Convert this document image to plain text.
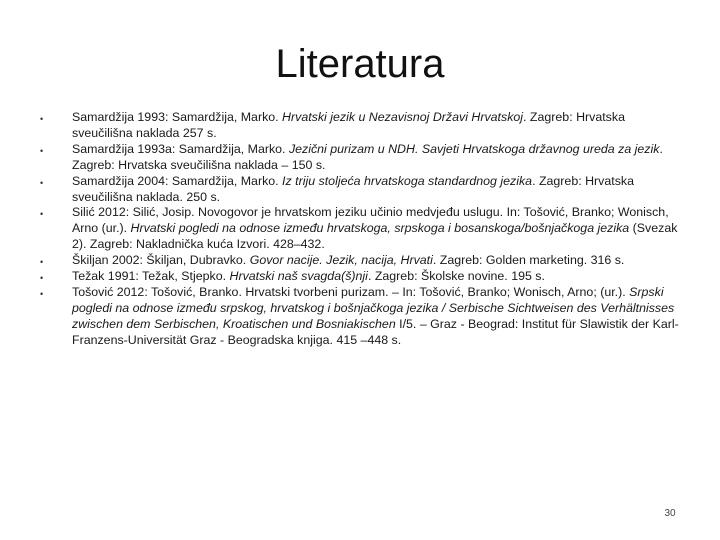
Literatura
• Samardžija 1993: Samardžija, Marko. Hrvatski jezik u Nezavisnoj Državi Hrvatskoj. Zagreb: Hrvatska sveučilišna naklada 257 s.
• Samardžija 1993a: Samardžija, Marko. Jezični purizam u NDH. Savjeti Hrvatskoga državnog ureda za jezik. Zagreb: Hrvatska sveučilišna naklada – 150 s.
• Samardžija 2004: Samardžija, Marko. Iz triju stoljeća hrvatskoga standardnog jezika. Zagreb: Hrvatska sveučilišna naklada. 250 s.
• Silić 2012: Silić, Josip. Novogovor je hrvatskom jeziku učinio medvjeđu uslugu. In: Tošović, Branko; Wonisch, Arno (ur.). Hrvatski pogledi na odnose između hrvatskoga, srpskoga i bosanskoga/bošnjačkoga jezika (Svezak 2). Zagreb: Nakladnička kuća Izvori. 428–432.
• Škiljan 2002: Škiljan, Dubravko. Govor nacije. Jezik, nacija, Hrvati. Zagreb: Golden marketing. 316 s.
• Težak 1991: Težak, Stjepko. Hrvatski naš svagda(š)nji. Zagreb: Školske novine. 195 s.
• Tošović 2012: Tošović, Branko. Hrvatski tvorbeni purizam. – In: Tošović, Branko; Wonisch, Arno; (ur.). Srpski pogledi na odnose između srpskog, hrvatskog i bošnjačkoga jezika / Serbische Sichtweisen des Verhältnisses zwischen dem Serbischen, Kroatischen und Bosniakischen I/5. – Graz - Beograd: Institut für Slawistik der Karl-Franzens-Universität Graz - Beogradska knjiga. 415 –448 s.
30
